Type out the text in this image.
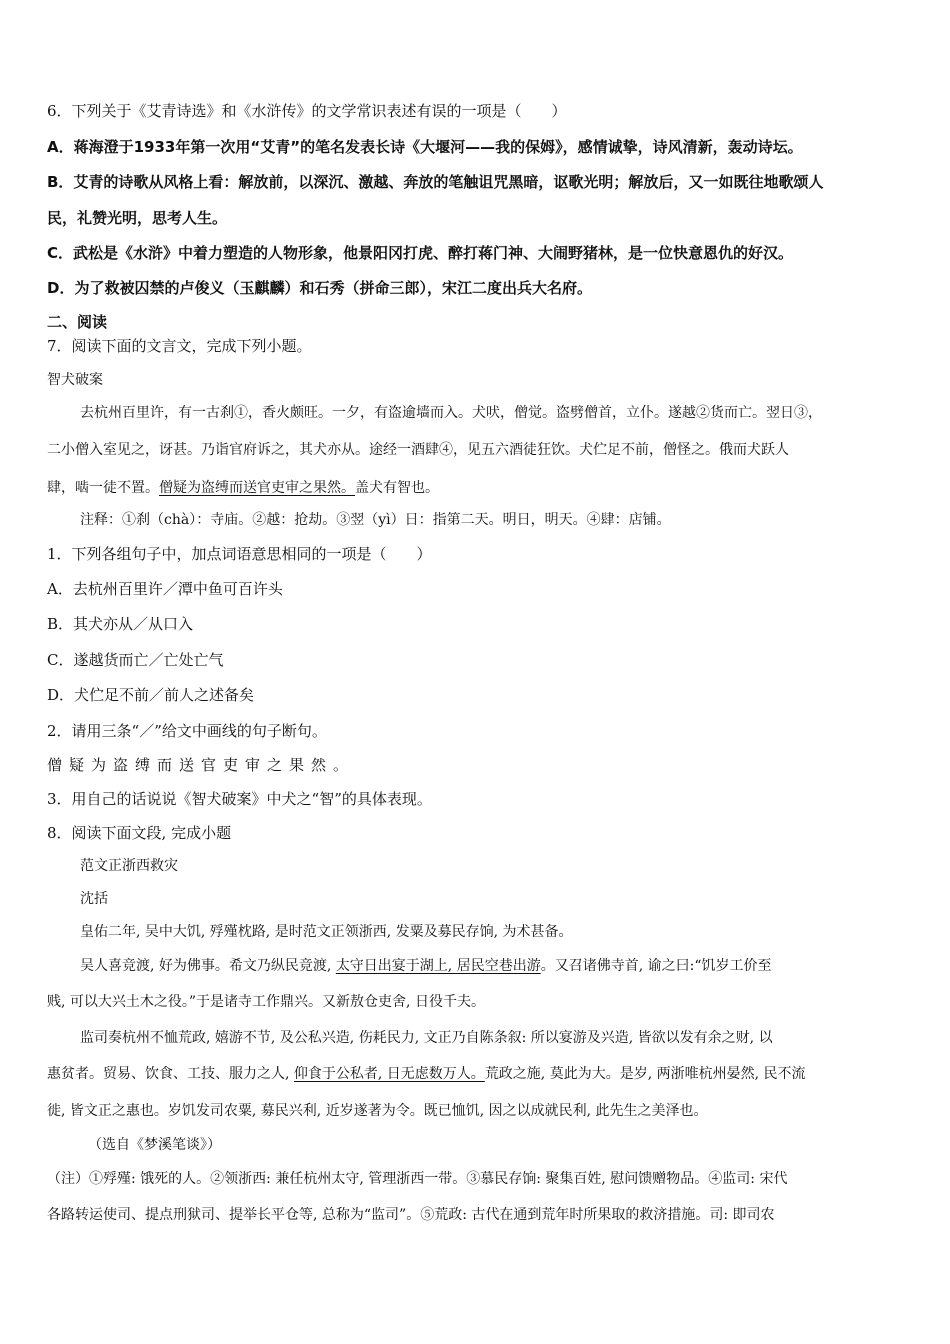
6．下列关于《艾青诗选》和《水浒传》的文学常识表述有误的一项是（　　）
A．蒋海澄于1933年第一次用“艾青”的笔名发表长诗《大堰河——我的保姆》，感情诚挚，诗风清新，轰动诗坛。
B．艾青的诗歌从风格上看：解放前，以深沉、激越、奔放的笔触诅咒黑暗，讴歌光明；解放后，又一如既往地歌颂人
民，礼赞光明，思考人生。
C．武松是《水浒》中着力塑造的人物形象，他景阳冈打虎、醉打蒋门神、大闹野猪林，是一位快意恩仇的好汉。
D．为了救被囚禁的卢俊义（玉麒麟）和石秀（拼命三郎），宋江二度出兵大名府。
二、阅读
7．阅读下面的文言文，完成下列小题。
智犬破案
去杭州百里许，有一古刹①，香火颇旺。一夕，有盗逾墙而入。犬吠，僧觉。盗劈僧首，立仆。遂越②货而亡。翌日③，
二小僧入室见之，讶甚。乃诣官府诉之，其犬亦从。途经一酒肆④，见五六酒徒狂饮。犬伫足不前，僧怪之。俄而犬跃人
肆，啮一徒不置。僧疑为盗缚而送官吏审之果然。盖犬有智也。
注释：①刹（chà）：寺庙。②越：抢劫。③翌（yì）日：指第二天。明日，明天。④肆：店铺。
1．下列各组句子中，加点词语意思相同的一项是（　　）
A．去杭州百里许／潭中鱼可百许头
B．其犬亦从／从口入
C．遂越货而亡／亡处亡气
D．犬伫足不前／前人之述备矣
2．请用三条“／”给文中画线的句子断句。
僧疑为盗缚而送官吏审之果然。
3．用自己的话说说《智犬破案》中犬之“智”的具体表现。
8．阅读下面文段, 完成小题
范文正浙西救灾
沈括
皇佑二年, 吴中大饥, 殍殣枕路, 是时范文正领浙西, 发粟及募民存饷, 为术甚备。
吴人喜竞渡, 好为佛事。希文乃纵民竞渡, 太守日出宴于湖上, 居民空巷出游。又召诸佛寺首, 谕之曰:“饥岁工价至
贱, 可以大兴土木之役。”于是诸寺工作鼎兴。又新敖仓吏舍, 日役千夫。
监司奏杭州不恤荒政, 嬉游不节, 及公私兴造, 伤耗民力, 文正乃自陈条叙: 所以宴游及兴造, 皆欲以发有余之财, 以
惠贫者。贸易、饮食、工技、服力之人, 仰食于公私者, 日无虑数万人。荒政之施, 莫此为大。是岁, 两浙唯杭州晏然, 民不流
徙, 皆文正之惠也。岁饥发司农粟, 募民兴利, 近岁遂著为令。既已恤饥, 因之以成就民利, 此先生之美泽也。
（选自《梦溪笔谈》）
（注）①殍殣: 饿死的人。②领浙西: 兼任杭州太守, 管理浙西一带。③慕民存饷: 聚集百姓, 慰问馈赠物品。④监司: 宋代
各路转运使司、提点刑狱司、提举长平仓等, 总称为“监司”。⑤荒政: 古代在通到荒年时所果取的救济措施。司: 即司农
